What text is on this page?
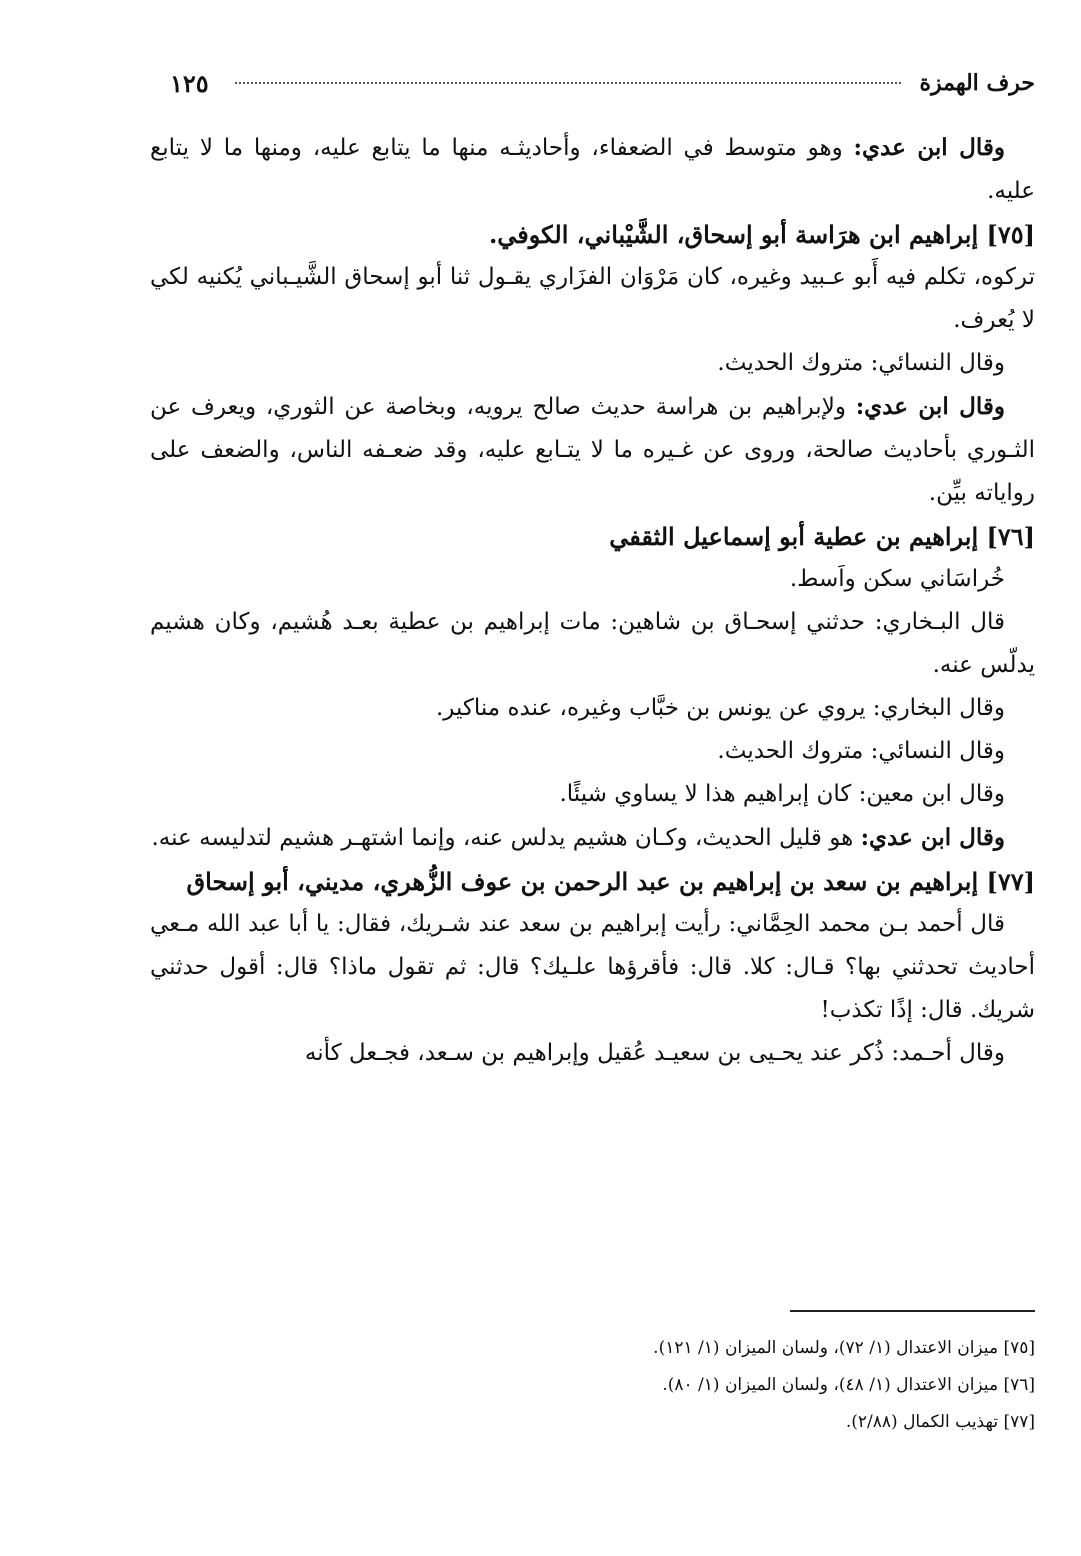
حرف الهمزة
١٢٥

وقال ابن عدي: وهو متوسط في الضعفاء، وأحاديثـه منها ما يتابع عليه، ومنها ما لا يتابع عليه.

[٧٥] إبراهيم ابن هرَاسة أبو إسحاق، الشَّيْباني، الكوفي.

تركوه، تكلم فيه أَبو عـبيد وغيره، كان مَرْوَان الفزَاري يقـول ثنا أبو إسحاق الشَّيـباني يُكنيه لكي لا يُعرف.

وقال النسائي: متروك الحديث.

وقال ابن عدي: ولإبراهيم بن هراسة حديث صالح يرويه، وبخاصة عن الثوري، ويعرف عن الثـوري بأحاديث صالحة، وروى عن غـيره ما لا يتـابع عليه، وقد ضعـفه الناس، والضعف على رواياته بيِّن.

[٧٦] إبراهيم بن عطية أبو إسماعيل الثقفي

خُراسَاني سكن واَسط.

قال البـخاري: حدثني إسحـاق بن شاهين: مات إبراهيم بن عطية بعـد هُشيم، وكان هشيم يدلّس عنه.

وقال البخاري: يروي عن يونس بن خبَّاب وغيره، عنده مناكير.

وقال النسائي: متروك الحديث.

وقال ابن معين: كان إبراهيم هذا لا يساوي شيئًا.

وقال ابن عدي: هو قليل الحديث، وكـان هشيم يدلس عنه، وإنما اشتهـر هشيم لتدليسه عنه.

[٧٧] إبراهيم بن سعد بن إبراهيم بن عبد الرحمن بن عوف الزُّهري، مديني، أبو إسحاق

قال أحمد بـن محمد الحِمَّاني: رأيت إبراهيم بن سعد عند شـريك، فقال: يا أبا عبد الله مـعي أحاديث تحدثني بها؟ قـال: كلا. قال: فأقرؤها علـيك؟ قال: ثم تقول ماذا؟ قال: أقول حدثني شريك. قال: إذًا تكذب!

وقال أحـمد: ذُكر عند يحـيى بن سعيـد عُقيل وإبراهيم بن سـعد، فجـعل كأنه

[٧٥] ميزان الاعتدال (١/ ٧٢)، ولسان الميزان (١/ ١٢١).

[٧٦] ميزان الاعتدال (١/ ٤٨)، ولسان الميزان (١/ ٨٠).

[٧٧] تهذيب الكمال (٢/٨٨).
